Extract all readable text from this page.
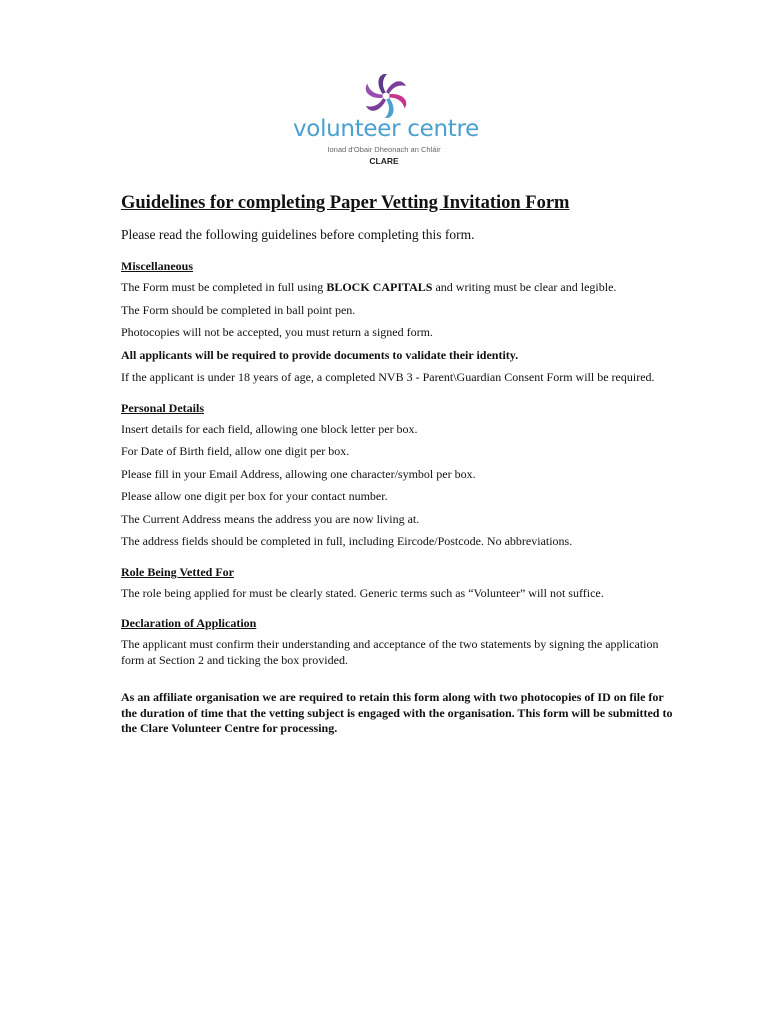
volunteer centre
Ionad d'Obair Dheonach an Chláir
CLARE
Guidelines for completing Paper Vetting Invitation Form
Please read the following guidelines before completing this form.
Miscellaneous

The Form must be completed in full using BLOCK CAPITALS and writing must be clear and legible.

The Form should be completed in ball point pen.

Photocopies will not be accepted, you must return a signed form.

All applicants will be required to provide documents to validate their identity.

If the applicant is under 18 years of age, a completed NVB 3 - Parent\Guardian Consent Form will be required.

Personal Details

Insert details for each field, allowing one block letter per box.

For Date of Birth field, allow one digit per box.

Please fill in your Email Address, allowing one character/symbol per box.

Please allow one digit per box for your contact number.

The Current Address means the address you are now living at.

The address fields should be completed in full, including Eircode/Postcode. No abbreviations.

Role Being Vetted For

The role being applied for must be clearly stated. Generic terms such as “Volunteer” will not suffice.

Declaration of Application

The applicant must confirm their understanding and acceptance of the two statements by signing the application form at Section 2 and ticking the box provided.

As an affiliate organisation we are required to retain this form along with two photocopies of ID on file for the duration of time that the vetting subject is engaged with the organisation. This form will be submitted to the Clare Volunteer Centre for processing.
